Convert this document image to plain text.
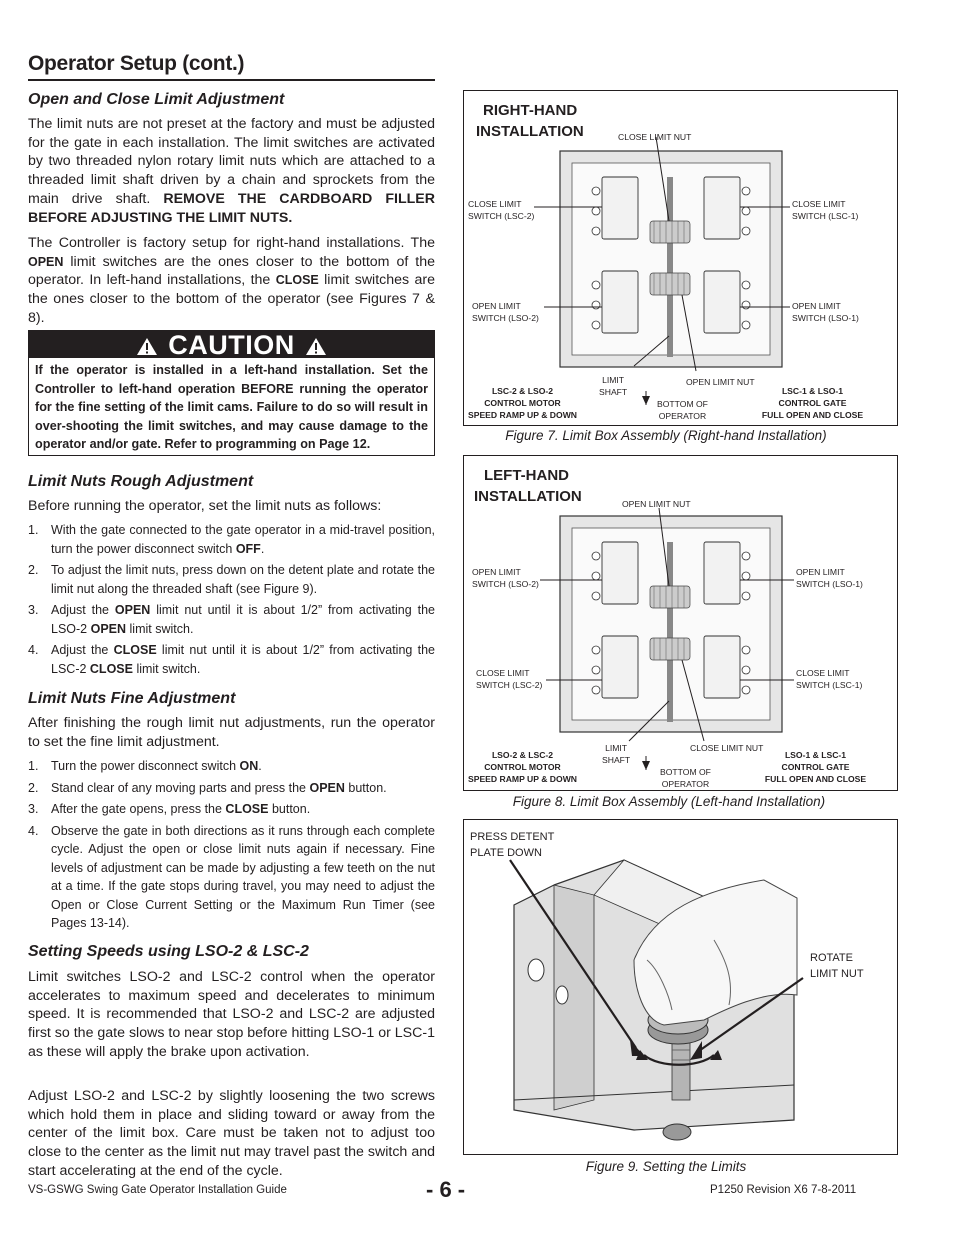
Operator Setup (cont.)
Open and Close Limit Adjustment
The limit nuts are not preset at the factory and must be adjusted for the gate in each installation. The limit switches are activated by two threaded nylon rotary limit nuts which are attached to a threaded limit shaft driven by a chain and sprockets from the main drive shaft. REMOVE THE CARDBOARD FILLER BEFORE ADJUSTING THE LIMIT NUTS.
The Controller is factory setup for right-hand installations. The OPEN limit switches are the ones closer to the bottom of the operator. In left-hand installations, the CLOSE limit switches are the ones closer to the bottom of the operator (see Figures 7 & 8).
CAUTION
If the operator is installed in a left-hand installation. Set the Controller to left-hand operation BEFORE running the operator for the fine setting of the limit cams. Failure to do so will result in over-shooting the limit switches, and may cause damage to the operator and/or gate. Refer to programming on Page 12.
Limit Nuts Rough Adjustment
Before running the operator, set the limit nuts as follows:
1. With the gate connected to the gate operator in a mid-travel position, turn the power disconnect switch OFF.
2. To adjust the limit nuts, press down on the detent plate and rotate the limit nut along the threaded shaft (see Figure 9).
3. Adjust the OPEN limit nut until it is about 1/2” from activating the LSO-2 OPEN limit switch.
4. Adjust the CLOSE limit nut until it is about 1/2” from activating the LSC-2 CLOSE limit switch.
Limit Nuts Fine Adjustment
After finishing the rough limit nut adjustments, run the operator to set the fine limit adjustment.
1. Turn the power disconnect switch ON.
2. Stand clear of any moving parts and press the OPEN button.
3. After the gate opens, press the CLOSE button.
4. Observe the gate in both directions as it runs through each complete cycle. Adjust the open or close limit nuts again if necessary. Fine levels of adjustment can be made by adjusting a few teeth on the nut at a time. If the gate stops during travel, you may need to adjust the Open or Close Current Setting or the Maximum Run Timer (see Pages 13-14).
Setting Speeds using LSO-2 & LSC-2
Limit switches LSO-2 and LSC-2 control when the operator accelerates to maximum speed and decelerates to minimum speed. It is recommended that LSO-2 and LSC-2 are adjusted first so the gate slows to near stop before hitting LSO-1 or LSC-1 as these will apply the brake upon activation.
Adjust LSO-2 and LSC-2 by slightly loosening the two screws which hold them in place and sliding toward or away from the center of the limit box. Care must be taken not to adjust too close to the center as the limit nut may travel past the switch and start accelerating at the end of the cycle.
RIGHT-HAND
INSTALLATION	CLOSE LIMIT NUT
CLOSE LIMIT
SWITCH (LSC-2)
CLOSE LIMIT
SWITCH (LSC-1)
OPEN LIMIT
SWITCH (LSO-2)
OPEN LIMIT
SWITCH (LSO-1)
LIMIT
SHAFT
OPEN LIMIT NUT
BOTTOM OF
OPERATOR
LSC-2 & LSO-2
CONTROL MOTOR
SPEED RAMP UP & DOWN
LSC-1 & LSO-1
CONTROL GATE
FULL OPEN AND CLOSE
Figure 7. Limit Box Assembly (Right-hand Installation)
LEFT-HAND
INSTALLATION	OPEN LIMIT NUT
OPEN LIMIT
SWITCH (LSO-2)
OPEN LIMIT
SWITCH (LSO-1)
CLOSE LIMIT
SWITCH (LSC-2)
CLOSE LIMIT
SWITCH (LSC-1)
LIMIT
SHAFT
CLOSE LIMIT NUT
BOTTOM OF
OPERATOR
LSO-2 & LSC-2
CONTROL MOTOR
SPEED RAMP UP & DOWN
LSO-1 & LSC-1
CONTROL GATE
FULL OPEN AND CLOSE
Figure 8. Limit Box Assembly (Left-hand Installation)
PRESS DETENT
PLATE DOWN
ROTATE
LIMIT NUT
Figure 9. Setting the Limits
VS-GSWG Swing Gate Operator Installation Guide	- 6 -	P1250 Revision X6 7-8-2011
